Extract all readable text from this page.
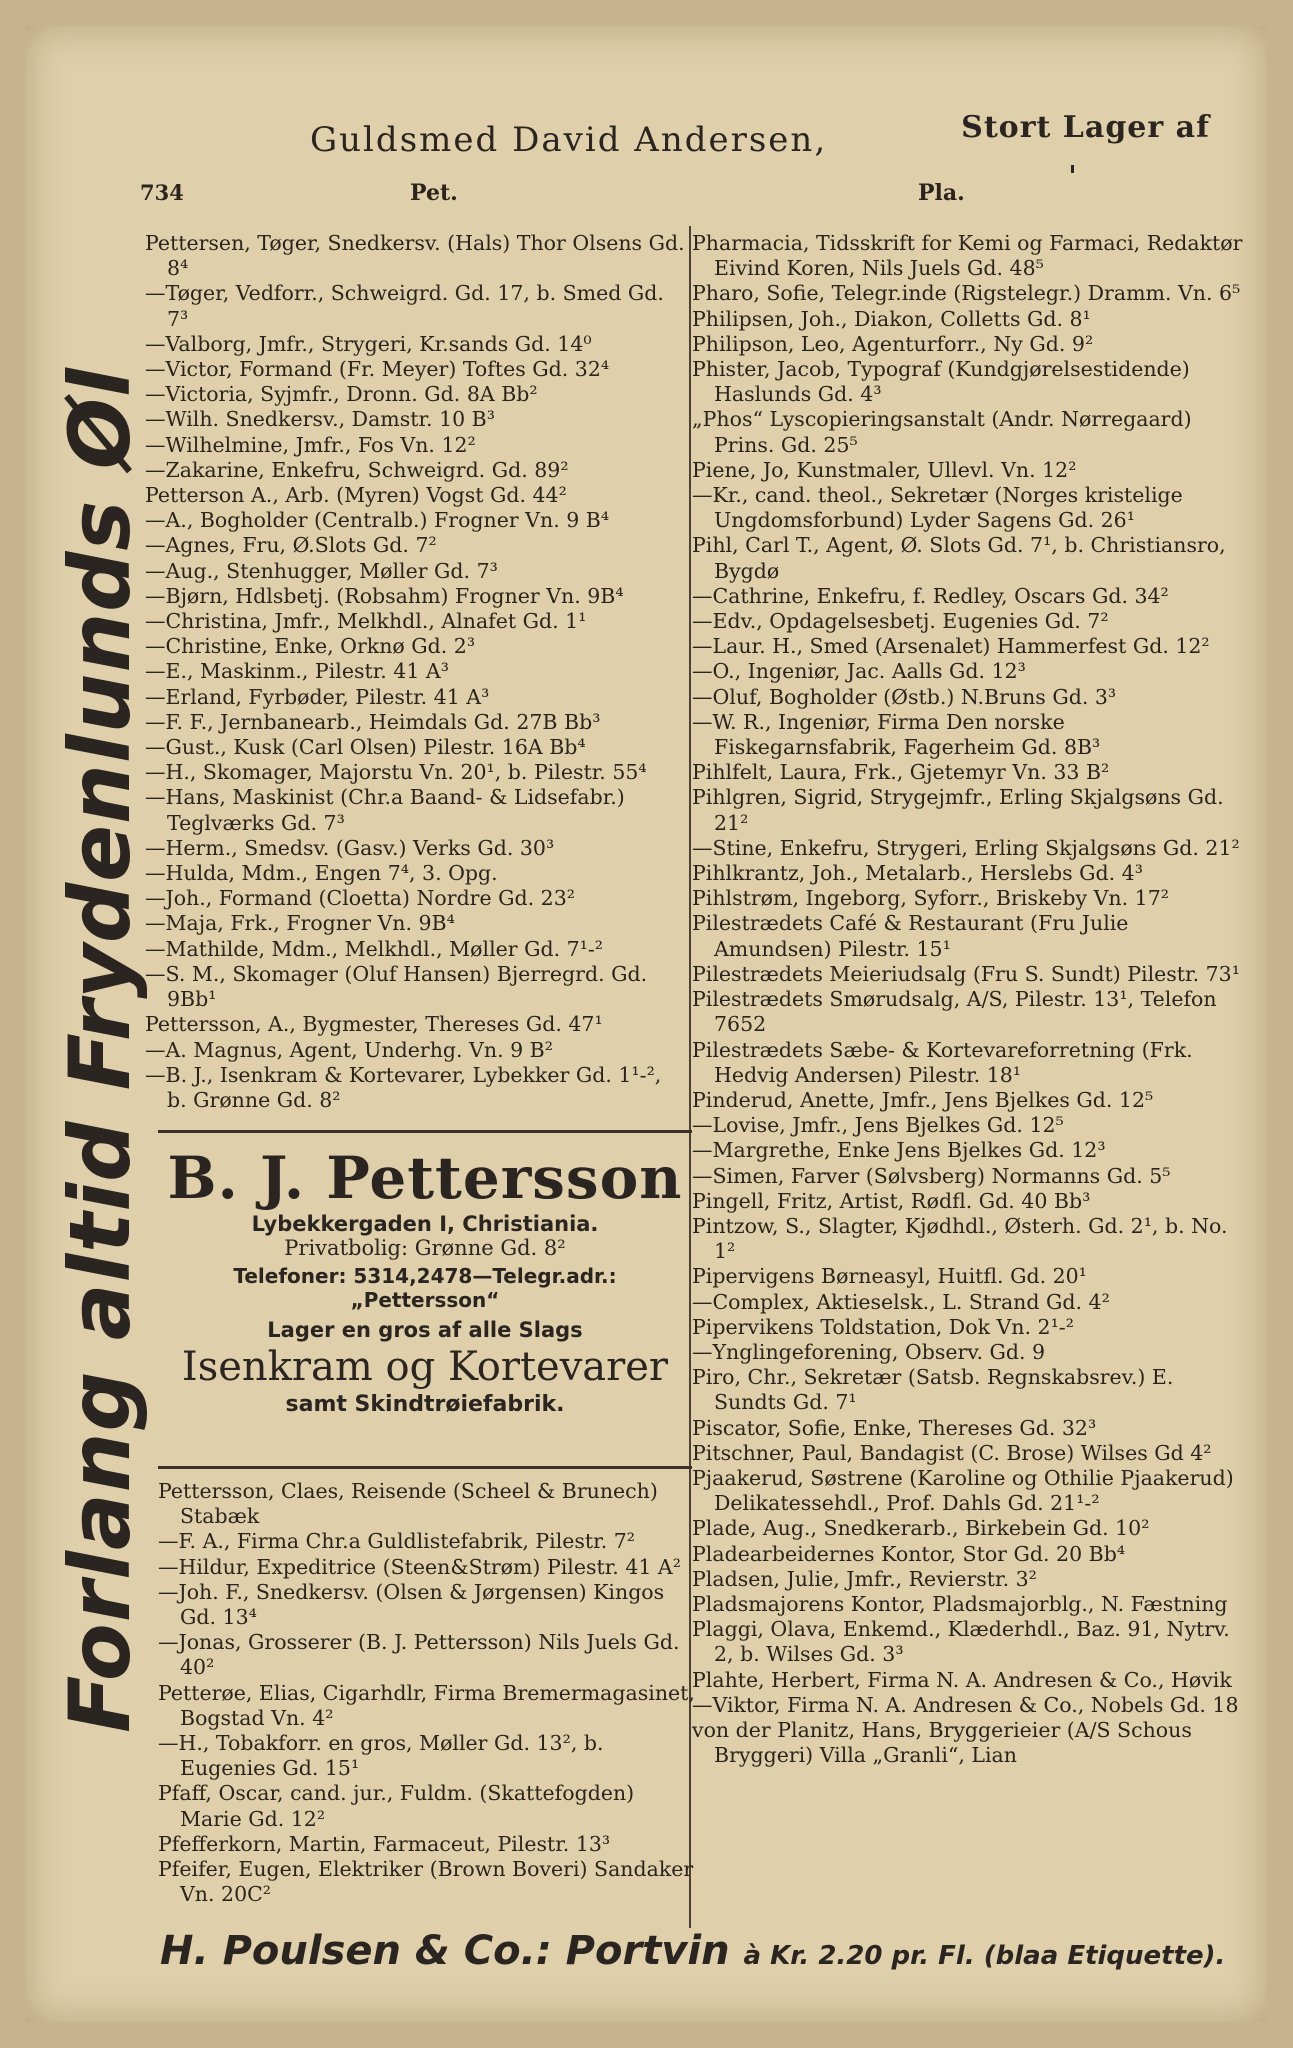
Guldsmed David Andersen,	Stort Lager af
734	Pet.	Pla.
Forlang altid Frydenlunds Øl
Pettersen, Tøger, Snedkersv. (Hals) Thor Olsens Gd. 8⁴
—Tøger, Vedforr., Schweigrd. Gd. 17, b. Smed Gd. 7³
—Valborg, Jmfr., Strygeri, Kr.sands Gd. 14⁰
—Victor, Formand (Fr. Meyer) Toftes Gd. 32⁴
—Victoria, Syjmfr., Dronn. Gd. 8A Bb²
—Wilh. Snedkersv., Damstr. 10 B³
—Wilhelmine, Jmfr., Fos Vn. 12²
—Zakarine, Enkefru, Schweigrd. Gd. 89²
Petterson A., Arb. (Myren) Vogst Gd. 44²
—A., Bogholder (Centralb.) Frogner Vn. 9 B⁴
—Agnes, Fru, Ø.Slots Gd. 7²
—Aug., Stenhugger, Møller Gd. 7³
—Bjørn, Hdlsbetj. (Robsahm) Frogner Vn. 9B⁴
—Christina, Jmfr., Melkhdl., Alnafet Gd. 1¹
—Christine, Enke, Orknø Gd. 2³
—E., Maskinm., Pilestr. 41 A³
—Erland, Fyrbøder, Pilestr. 41 A³
—F. F., Jernbanearb., Heimdals Gd. 27B Bb³
—Gust., Kusk (Carl Olsen) Pilestr. 16A Bb⁴
—H., Skomager, Majorstu Vn. 20¹, b. Pilestr. 55⁴
—Hans, Maskinist (Chr.a Baand- & Lidsefabr.) Teglværks Gd. 7³
—Herm., Smedsv. (Gasv.) Verks Gd. 30³
—Hulda, Mdm., Engen 7⁴, 3. Opg.
—Joh., Formand (Cloetta) Nordre Gd. 23²
—Maja, Frk., Frogner Vn. 9B⁴
—Mathilde, Mdm., Melkhdl., Møller Gd. 7¹-²
—S. M., Skomager (Oluf Hansen) Bjerregrd. Gd. 9Bb¹
Pettersson, A., Bygmester, Thereses Gd. 47¹
—A. Magnus, Agent, Underhg. Vn. 9 B²
—B. J., Isenkram & Kortevarer, Lybekker Gd. 1¹-², b. Grønne Gd. 8²
B. J. Pettersson
Lybekkergaden I, Christiania.
Privatbolig: Grønne Gd. 8²
Telefoner: 5314,2478—Telegr.adr.: „Pettersson“
Lager en gros af alle Slags
Isenkram og Kortevarer
samt Skindtrøiefabrik.
Pettersson, Claes, Reisende (Scheel & Brunech) Stabæk
—F. A., Firma Chr.a Guldlistefabrik, Pilestr. 7²
—Hildur, Expeditrice (Steen&Strøm) Pilestr. 41 A²
—Joh. F., Snedkersv. (Olsen & Jørgensen) Kingos Gd. 13⁴
—Jonas, Grosserer (B. J. Pettersson) Nils Juels Gd. 40²
Petterøe, Elias, Cigarhdlr, Firma Bremermagasinet, Bogstad Vn. 4²
—H., Tobakforr. en gros, Møller Gd. 13², b. Eugenies Gd. 15¹
Pfaff, Oscar, cand. jur., Fuldm. (Skattefogden) Marie Gd. 12²
Pfefferkorn, Martin, Farmaceut, Pilestr. 13³
Pfeifer, Eugen, Elektriker (Brown Boveri) Sandaker Vn. 20C²
Pharmacia, Tidsskrift for Kemi og Farmaci, Redaktør Eivind Koren, Nils Juels Gd. 48⁵
Pharo, Sofie, Telegr.inde (Rigstelegr.) Dramm. Vn. 6⁵
Philipsen, Joh., Diakon, Colletts Gd. 8¹
Philipson, Leo, Agenturforr., Ny Gd. 9²
Phister, Jacob, Typograf (Kundgjørelsestidende) Haslunds Gd. 4³
„Phos“ Lyscopieringsanstalt (Andr. Nørregaard) Prins. Gd. 25⁵
Piene, Jo, Kunstmaler, Ullevl. Vn. 12²
—Kr., cand. theol., Sekretær (Norges kristelige Ungdomsforbund) Lyder Sagens Gd. 26¹
Pihl, Carl T., Agent, Ø. Slots Gd. 7¹, b. Christiansro, Bygdø
—Cathrine, Enkefru, f. Redley, Oscars Gd. 34²
—Edv., Opdagelsesbetj. Eugenies Gd. 7²
—Laur. H., Smed (Arsenalet) Hammerfest Gd. 12²
—O., Ingeniør, Jac. Aalls Gd. 12³
—Oluf, Bogholder (Østb.) N.Bruns Gd. 3³
—W. R., Ingeniør, Firma Den norske Fiskegarnsfabrik, Fagerheim Gd. 8B³
Pihlfelt, Laura, Frk., Gjetemyr Vn. 33 B²
Pihlgren, Sigrid, Strygejmfr., Erling Skjalgsøns Gd. 21²
—Stine, Enkefru, Strygeri, Erling Skjalgsøns Gd. 21²
Pihlkrantz, Joh., Metalarb., Herslebs Gd. 4³
Pihlstrøm, Ingeborg, Syforr., Briskeby Vn. 17²
Pilestrædets Café & Restaurant (Fru Julie Amundsen) Pilestr. 15¹
Pilestrædets Meieriudsalg (Fru S. Sundt) Pilestr. 73¹
Pilestrædets Smørudsalg, A/S, Pilestr. 13¹, Telefon 7652
Pilestrædets Sæbe- & Kortevareforretning (Frk. Hedvig Andersen) Pilestr. 18¹
Pinderud, Anette, Jmfr., Jens Bjelkes Gd. 12⁵
—Lovise, Jmfr., Jens Bjelkes Gd. 12⁵
—Margrethe, Enke Jens Bjelkes Gd. 12³
—Simen, Farver (Sølvsberg) Normanns Gd. 5⁵
Pingell, Fritz, Artist, Rødfl. Gd. 40 Bb³
Pintzow, S., Slagter, Kjødhdl., Østerh. Gd. 2¹, b. No. 1²
Pipervigens Børneasyl, Huitfl. Gd. 20¹
—Complex, Aktieselsk., L. Strand Gd. 4²
Pipervikens Toldstation, Dok Vn. 2¹-²
—Ynglingeforening, Observ. Gd. 9
Piro, Chr., Sekretær (Satsb. Regnskabsrev.) E. Sundts Gd. 7¹
Piscator, Sofie, Enke, Thereses Gd. 32³
Pitschner, Paul, Bandagist (C. Brose) Wilses Gd 4²
Pjaakerud, Søstrene (Karoline og Othilie Pjaakerud) Delikatessehdl., Prof. Dahls Gd. 21¹-²
Plade, Aug., Snedkerarb., Birkebein Gd. 10²
Pladearbeidernes Kontor, Stor Gd. 20 Bb⁴
Pladsen, Julie, Jmfr., Revierstr. 3²
Pladsmajorens Kontor, Pladsmajorblg., N. Fæstning
Plaggi, Olava, Enkemd., Klæderhdl., Baz. 91, Nytrv. 2, b. Wilses Gd. 3³
Plahte, Herbert, Firma N. A. Andresen & Co., Høvik
—Viktor, Firma N. A. Andresen & Co., Nobels Gd. 18
von der Planitz, Hans, Bryggerieier (A/S Schous Bryggeri) Villa „Granli“, Lian
H. Poulsen & Co.: Portvin à Kr. 2.20 pr. Fl. (blaa Etiquette).
